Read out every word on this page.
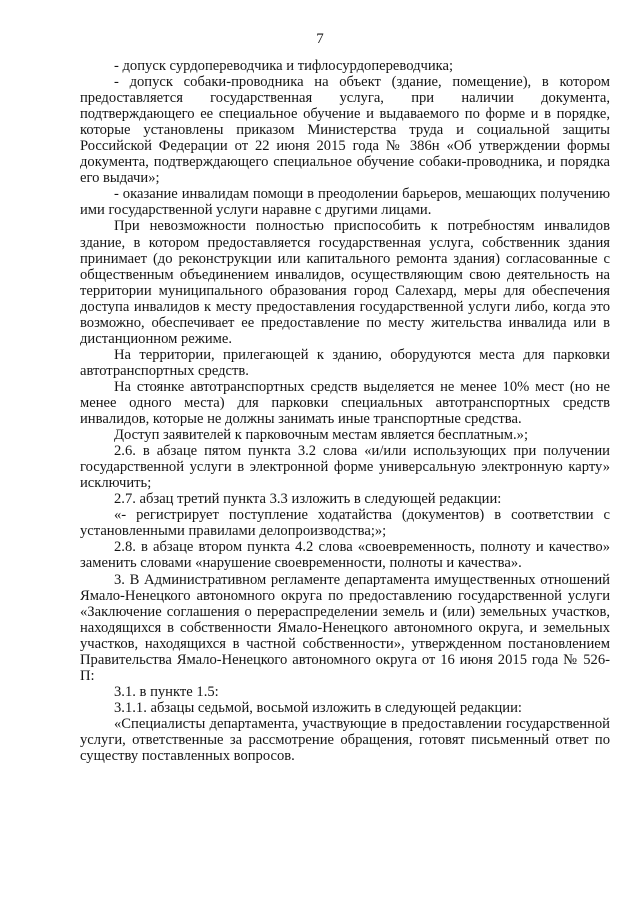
7

- допуск сурдопереводчика и тифлосурдопереводчика;

- допуск собаки-проводника на объект (здание, помещение), в котором предоставляется государственная услуга, при наличии документа, подтверждающего ее специальное обучение и выдаваемого по форме и в порядке, которые установлены приказом Министерства труда и социальной защиты Российской Федерации от 22 июня 2015 года № 386н «Об утверждении формы документа, подтверждающего специальное обучение собаки-проводника, и порядка его выдачи»;

- оказание инвалидам помощи в преодолении барьеров, мешающих получению ими государственной услуги наравне с другими лицами.

При невозможности полностью приспособить к потребностям инвалидов здание, в котором предоставляется государственная услуга, собственник здания принимает (до реконструкции или капитального ремонта здания) согласованные с общественным объединением инвалидов, осуществляющим свою деятельность на территории муниципального образования город Салехард, меры для обеспечения доступа инвалидов к месту предоставления государственной услуги либо, когда это возможно, обеспечивает ее предоставление по месту жительства инвалида или в дистанционном режиме.

На территории, прилегающей к зданию, оборудуются места для парковки автотранспортных средств.

На стоянке автотранспортных средств выделяется не менее 10% мест (но не менее одного места) для парковки специальных автотранспортных средств инвалидов, которые не должны занимать иные транспортные средства.

Доступ заявителей к парковочным местам является бесплатным.»;

2.6. в абзаце пятом пункта 3.2 слова «и/или использующих при получении государственной услуги в электронной форме универсальную электронную карту» исключить;

2.7. абзац третий пункта 3.3 изложить в следующей редакции:

«- регистрирует поступление ходатайства (документов) в соответствии с установленными правилами делопроизводства;»;

2.8. в абзаце втором пункта 4.2 слова «своевременность, полноту и качество» заменить словами «нарушение своевременности, полноты и качества».

3. В Административном регламенте департамента имущественных отношений Ямало-Ненецкого автономного округа по предоставлению государственной услуги «Заключение соглашения о перераспределении земель и (или) земельных участков, находящихся в собственности Ямало-Ненецкого автономного округа, и земельных участков, находящихся в частной собственности», утвержденном постановлением Правительства Ямало-Ненецкого автономного округа от 16 июня 2015 года № 526-П:

3.1. в пункте 1.5:

3.1.1. абзацы седьмой, восьмой изложить в следующей редакции:

«Специалисты департамента, участвующие в предоставлении государственной услуги, ответственные за рассмотрение обращения, готовят письменный ответ по существу поставленных вопросов.
